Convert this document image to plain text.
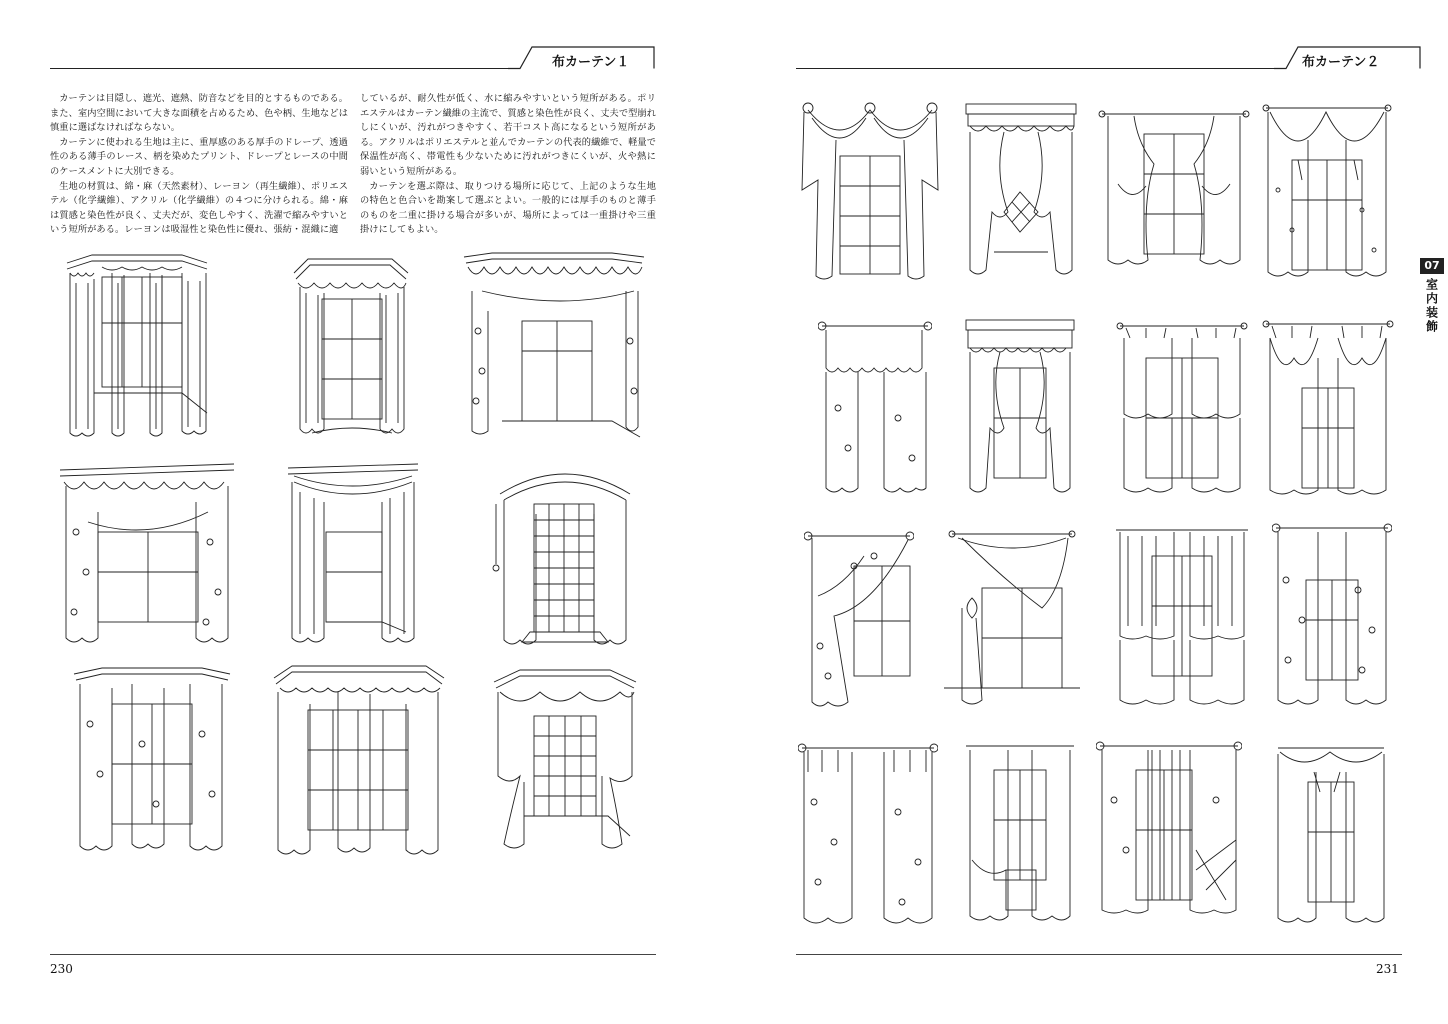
布カーテン１

カーテンは目隠し、遮光、遮熱、防音などを目的とするものである。また、室内空間において大きな面積を占めるため、色や柄、生地などは慎重に選ばなければならない。

カーテンに使われる生地は主に、重厚感のある厚手のドレープ、透過性のある薄手のレース、柄を染めたプリント、ドレープとレースの中間のケースメントに大別できる。

生地の材質は、綿・麻（天然素材）、レーヨン（再生繊維）、ポリエステル（化学繊維）、アクリル（化学繊維）の４つに分けられる。綿・麻は質感と染色性が良く、丈夫だが、変色しやすく、洗濯で縮みやすいという短所がある。レーヨンは吸湿性と染色性に優れ、張紡・混織に適

しているが、耐久性が低く、水に縮みやすいという短所がある。ポリエステルはカーテン繊維の主流で、質感と染色性が良く、丈夫で型崩れしにくいが、汚れがつきやすく、若干コスト高になるという短所がある。アクリルはポリエステルと並んでカーテンの代表的繊維で、軽量で保温性が高く、帯電性も少ないために汚れがつきにくいが、火や熱に弱いという短所がある。

カーテンを選ぶ際は、取りつける場所に応じて、上記のような生地の特色と色合いを勘案して選ぶとよい。一般的には厚手のものと薄手のものを二重に掛ける場合が多いが、場所によっては一重掛けや三重掛けにしてもよい。

230
布カーテン２
231
07
室内装飾
